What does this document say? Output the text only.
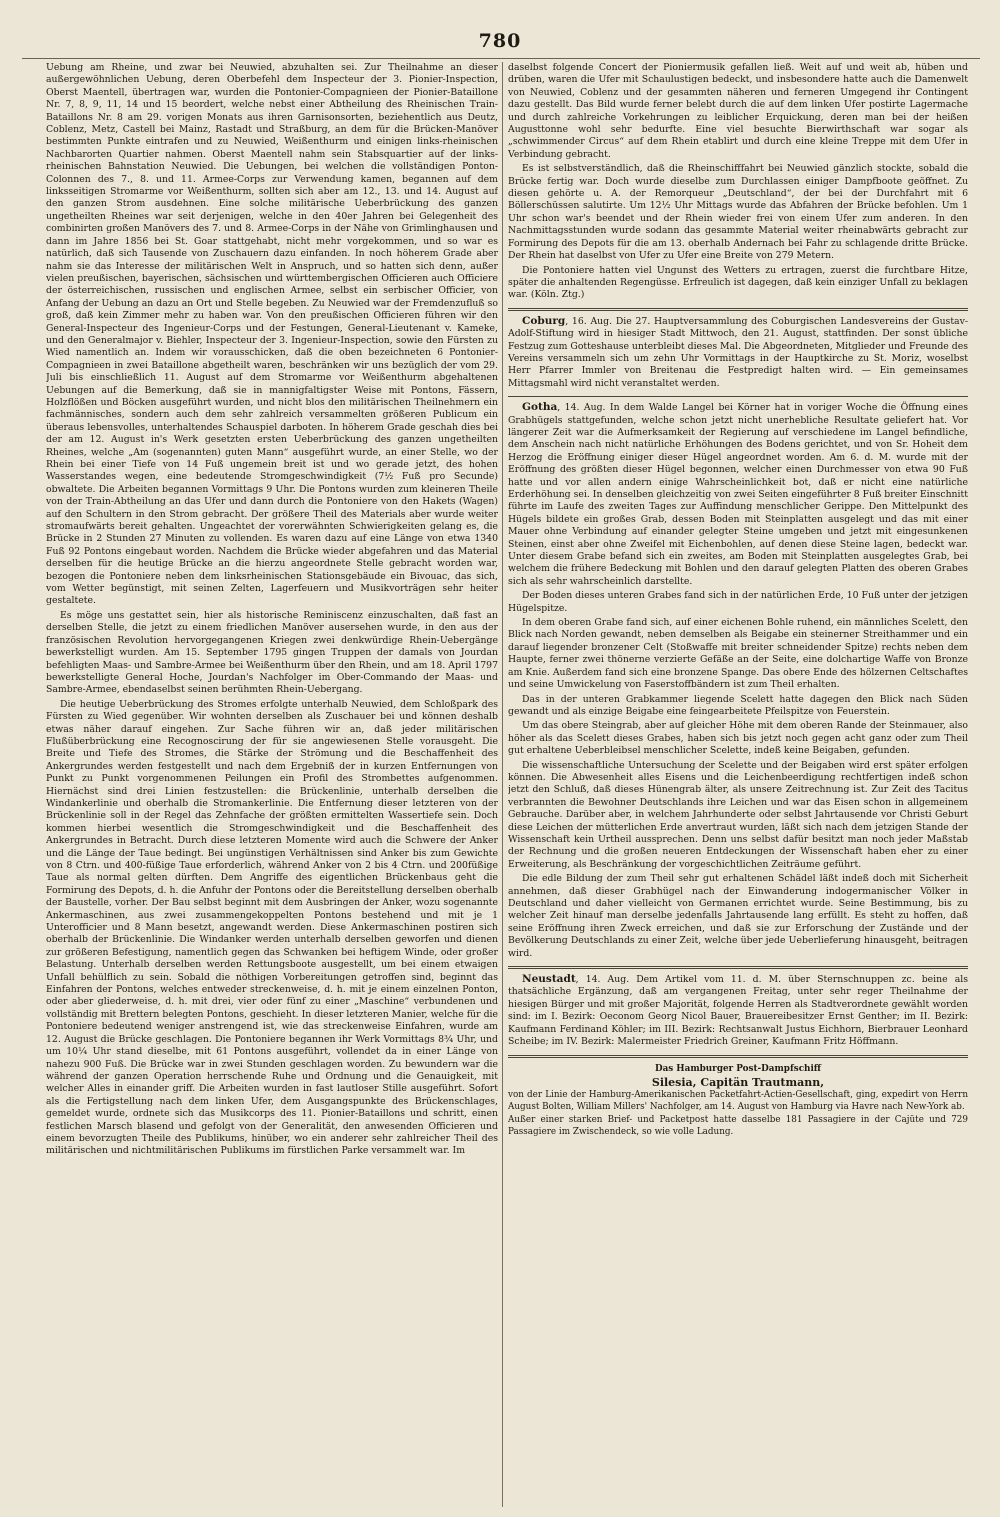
780

Uebung am Rheine, und zwar bei Neuwied, abzuhalten sei. Zur Theilnahme an dieser außergewöhnlichen Uebung, deren Oberbefehl dem Inspecteur der 3. Pionier-Inspection, Oberst Maentell, übertragen war, wurden die Pontonier-Compagnieen der Pionier-Bataillone Nr. 7, 8, 9, 11, 14 und 15 beordert, welche nebst einer Abtheilung des Rheinischen Train-Bataillons Nr. 8 am 29. vorigen Monats aus ihren Garnisonsorten, beziehentlich aus Deutz, Coblenz, Metz, Castell bei Mainz, Rastadt und Straßburg, an dem für die Brücken-Manöver bestimmten Punkte eintrafen und zu Neuwied, Weißenthurm und einigen links-rheinischen Nachbarorten Quartier nahmen. Oberst Maentell nahm sein Stabsquartier auf der links-rheinischen Bahnstation Neuwied. Die Uebungen, bei welchen die vollständigen Ponton-Colonnen des 7., 8. und 11. Armee-Corps zur Verwendung kamen, begannen auf dem linksseitigen Stromarme vor Weißenthurm, sollten sich aber am 12., 13. und 14. August auf den ganzen Strom ausdehnen. Eine solche militärische Ueberbrückung des ganzen ungetheilten Rheines war seit derjenigen, welche in den 40er Jahren bei Gelegenheit des combinirten großen Manövers des 7. und 8. Armee-Corps in der Nähe von Grimlinghausen und dann im Jahre 1856 bei St. Goar stattgehabt, nicht mehr vorgekommen, und so war es natürlich, daß sich Tausende von Zuschauern dazu einfanden. In noch höherem Grade aber nahm sie das Interesse der militärischen Welt in Anspruch, und so hatten sich denn, außer vielen preußischen, bayerischen, sächsischen und württembergischen Officieren auch Officiere der österreichischen, russischen und englischen Armee, selbst ein serbischer Officier, von Anfang der Uebung an dazu an Ort und Stelle begeben. Zu Neuwied war der Fremdenzufluß so groß, daß kein Zimmer mehr zu haben war. Von den preußischen Officieren führen wir den General-Inspecteur des Ingenieur-Corps und der Festungen, General-Lieutenant v. Kameke, und den Generalmajor v. Biehler, Inspecteur der 3. Ingenieur-Inspection, sowie den Fürsten zu Wied namentlich an. Indem wir vorausschicken, daß die oben bezeichneten 6 Pontonier-Compagnieen in zwei Bataillone abgetheilt waren, beschränken wir uns bezüglich der vom 29. Juli bis einschließlich 11. August auf dem Stromarme vor Weißenthurm abgehaltenen Uebungen auf die Bemerkung, daß sie in mannigfaltigster Weise mit Pontons, Fässern, Holzflößen und Böcken ausgeführt wurden, und nicht blos den militärischen Theilnehmern ein fachmännisches, sondern auch dem sehr zahlreich versammelten größeren Publicum ein überaus lebensvolles, unterhaltendes Schauspiel darboten. In höherem Grade geschah dies bei der am 12. August in's Werk gesetzten ersten Ueberbrückung des ganzen ungetheilten Rheines, welche „Am (sogenannten) guten Mann“ ausgeführt wurde, an einer Stelle, wo der Rhein bei einer Tiefe von 14 Fuß ungemein breit ist und wo gerade jetzt, des hohen Wasserstandes wegen, eine bedeutende Stromgeschwindigkeit (7½ Fuß pro Secunde) obwaltete. Die Arbeiten begannen Vormittags 9 Uhr. Die Pontons wurden zum kleineren Theile von der Train-Abtheilung an das Ufer und dann durch die Pontoniere von den Hakets (Wagen) auf den Schultern in den Strom gebracht. Der größere Theil des Materials aber wurde weiter stromaufwärts bereit gehalten. Ungeachtet der vorerwähnten Schwierigkeiten gelang es, die Brücke in 2 Stunden 27 Minuten zu vollenden. Es waren dazu auf eine Länge von etwa 1340 Fuß 92 Pontons eingebaut worden. Nachdem die Brücke wieder abgefahren und das Material derselben für die heutige Brücke an die hierzu angeordnete Stelle gebracht worden war, bezogen die Pontoniere neben dem linksrheinischen Stationsgebäude ein Bivouac, das sich, vom Wetter begünstigt, mit seinen Zelten, Lagerfeuern und Musikvorträgen sehr heiter gestaltete.

Es möge uns gestattet sein, hier als historische Reminiscenz einzuschalten, daß fast an derselben Stelle, die jetzt zu einem friedlichen Manöver ausersehen wurde, in den aus der französischen Revolution hervorgegangenen Kriegen zwei denkwürdige Rhein-Uebergänge bewerkstelligt wurden. Am 15. September 1795 gingen Truppen der damals von Jourdan befehligten Maas- und Sambre-Armee bei Weißenthurm über den Rhein, und am 18. April 1797 bewerkstelligte General Hoche, Jourdan's Nachfolger im Ober-Commando der Maas- und Sambre-Armee, ebendaselbst seinen berühmten Rhein-Uebergang.

Die heutige Ueberbrückung des Stromes erfolgte unterhalb Neuwied, dem Schloßpark des Fürsten zu Wied gegenüber. Wir wohnten derselben als Zuschauer bei und können deshalb etwas näher darauf eingehen. Zur Sache führen wir an, daß jeder militärischen Flußüberbrückung eine Recognoscirung der für sie angewiesenen Stelle vorausgeht. Die Breite und Tiefe des Stromes, die Stärke der Strömung und die Beschaffenheit des Ankergrundes werden festgestellt und nach dem Ergebniß der in kurzen Entfernungen von Punkt zu Punkt vorgenommenen Peilungen ein Profil des Strombettes aufgenommen. Hiernächst sind drei Linien festzustellen: die Brückenlinie, unterhalb derselben die Windankerlinie und oberhalb die Stromankerlinie. Die Entfernung dieser letzteren von der Brückenlinie soll in der Regel das Zehnfache der größten ermittelten Wassertiefe sein. Doch kommen hierbei wesentlich die Stromgeschwindigkeit und die Beschaffenheit des Ankergrundes in Betracht. Durch diese letzteren Momente wird auch die Schwere der Anker und die Länge der Taue bedingt. Bei ungünstigen Verhältnissen sind Anker bis zum Gewichte von 8 Ctrn. und 400-füßige Taue erforderlich, während Anker von 2 bis 4 Ctrn. und 200füßige Taue als normal gelten dürften. Dem Angriffe des eigentlichen Brückenbaus geht die Formirung des Depots, d. h. die Anfuhr der Pontons oder die Bereitstellung derselben oberhalb der Baustelle, vorher. Der Bau selbst beginnt mit dem Ausbringen der Anker, wozu sogenannte Ankermaschinen, aus zwei zusammengekoppelten Pontons bestehend und mit je 1 Unterofficier und 8 Mann besetzt, angewandt werden. Diese Ankermaschinen postiren sich oberhalb der Brückenlinie. Die Windanker werden unterhalb derselben geworfen und dienen zur größeren Befestigung, namentlich gegen das Schwanken bei heftigem Winde, oder großer Belastung. Unterhalb derselben werden Rettungsboote ausgestellt, um bei einem etwaigen Unfall behülflich zu sein. Sobald die nöthigen Vorbereitungen getroffen sind, beginnt das Einfahren der Pontons, welches entweder streckenweise, d. h. mit je einem einzelnen Ponton, oder aber gliederweise, d. h. mit drei, vier oder fünf zu einer „Maschine“ verbundenen und vollständig mit Brettern belegten Pontons, geschieht. In dieser letzteren Manier, welche für die Pontoniere bedeutend weniger anstrengend ist, wie das streckenweise Einfahren, wurde am 12. August die Brücke geschlagen. Die Pontoniere begannen ihr Werk Vormittags 8¾ Uhr, und um 10¼ Uhr stand dieselbe, mit 61 Pontons ausgeführt, vollendet da in einer Länge von nahezu 900 Fuß. Die Brücke war in zwei Stunden geschlagen worden. Zu bewundern war die während der ganzen Operation herrschende Ruhe und Ordnung und die Genauigkeit, mit welcher Alles in einander griff. Die Arbeiten wurden in fast lautloser Stille ausgeführt. Sofort als die Fertigstellung nach dem linken Ufer, dem Ausgangspunkte des Brückenschlages, gemeldet wurde, ordnete sich das Musikcorps des 11. Pionier-Bataillons und schritt, einen festlichen Marsch blasend und gefolgt von der Generalität, den anwesenden Officieren und einem bevorzugten Theile des Publikums, hinüber, wo ein anderer sehr zahlreicher Theil des militärischen und nichtmilitärischen Publikums im fürstlichen Parke versammelt war. Im

daselbst folgende Concert der Pioniermusik gefallen ließ. Weit auf und weit ab, hüben und drüben, waren die Ufer mit Schaulustigen bedeckt, und insbesondere hatte auch die Damenwelt von Neuwied, Coblenz und der gesammten näheren und ferneren Umgegend ihr Contingent dazu gestellt. Das Bild wurde ferner belebt durch die auf dem linken Ufer postirte Lagermache und durch zahlreiche Vorkehrungen zu leiblicher Erquickung, deren man bei der heißen Augusttonne wohl sehr bedurfte. Eine viel besuchte Bierwirthschaft war sogar als „schwimmender Circus“ auf dem Rhein etablirt und durch eine kleine Treppe mit dem Ufer in Verbindung gebracht.

Es ist selbstverständlich, daß die Rheinschifffahrt bei Neuwied gänzlich stockte, sobald die Brücke fertig war. Doch wurde dieselbe zum Durchlassen einiger Dampfboote geöffnet. Zu diesen gehörte u. A. der Remorqueur „Deutschland“, der bei der Durchfahrt mit 6 Böllerschüssen salutirte. Um 12½ Uhr Mittags wurde das Abfahren der Brücke befohlen. Um 1 Uhr schon war's beendet und der Rhein wieder frei von einem Ufer zum anderen. In den Nachmittagsstunden wurde sodann das gesammte Material weiter rheinabwärts gebracht zur Formirung des Depots für die am 13. oberhalb Andernach bei Fahr zu schlagende dritte Brücke. Der Rhein hat daselbst von Ufer zu Ufer eine Breite von 279 Metern.

Die Pontoniere hatten viel Ungunst des Wetters zu ertragen, zuerst die furchtbare Hitze, später die anhaltenden Regengüsse. Erfreulich ist dagegen, daß kein einziger Unfall zu beklagen war. (Köln. Ztg.)

Coburg, 16. Aug. Die 27. Hauptversammlung des Coburgischen Landesvereins der Gustav-Adolf-Stiftung wird in hiesiger Stadt Mittwoch, den 21. August, stattfinden. Der sonst übliche Festzug zum Gotteshause unterbleibt dieses Mal. Die Abgeordneten, Mitglieder und Freunde des Vereins versammeln sich um zehn Uhr Vormittags in der Hauptkirche zu St. Moriz, woselbst Herr Pfarrer Immler von Breitenau die Festpredigt halten wird. — Ein gemeinsames Mittagsmahl wird nicht veranstaltet werden.

Gotha, 14. Aug. In dem Walde Langel bei Körner hat in voriger Woche die Öffnung eines Grabhügels stattgefunden, welche schon jetzt nicht unerhebliche Resultate geliefert hat. Vor längerer Zeit war die Aufmerksamkeit der Regierung auf verschiedene im Langel befindliche, dem Anschein nach nicht natürliche Erhöhungen des Bodens gerichtet, und von Sr. Hoheit dem Herzog die Eröffnung einiger dieser Hügel angeordnet worden. Am 6. d. M. wurde mit der Eröffnung des größten dieser Hügel begonnen, welcher einen Durchmesser von etwa 90 Fuß hatte und vor allen andern einige Wahrscheinlichkeit bot, daß er nicht eine natürliche Erderhöhung sei. In denselben gleichzeitig von zwei Seiten eingeführter 8 Fuß breiter Einschnitt führte im Laufe des zweiten Tages zur Auffindung menschlicher Gerippe. Den Mittelpunkt des Hügels bildete ein großes Grab, dessen Boden mit Steinplatten ausgelegt und das mit einer Mauer ohne Verbindung auf einander gelegter Steine umgeben und jetzt mit eingesunkenen Steinen, einst aber ohne Zweifel mit Eichenbohlen, auf denen diese Steine lagen, bedeckt war. Unter diesem Grabe befand sich ein zweites, am Boden mit Steinplatten ausgelegtes Grab, bei welchem die frühere Bedeckung mit Bohlen und den darauf gelegten Platten des oberen Grabes sich als sehr wahrscheinlich darstellte.

Der Boden dieses unteren Grabes fand sich in der natürlichen Erde, 10 Fuß unter der jetzigen Hügelspitze.

In dem oberen Grabe fand sich, auf einer eichenen Bohle ruhend, ein männliches Scelett, den Blick nach Norden gewandt, neben demselben als Beigabe ein steinerner Streithammer und ein darauf liegender bronzener Celt (Stoßwaffe mit breiter schneidender Spitze) rechts neben dem Haupte, ferner zwei thönerne verzierte Gefäße an der Seite, eine dolchartige Waffe von Bronze am Knie. Außerdem fand sich eine bronzene Spange. Das obere Ende des hölzernen Celtschaftes und seine Umwickelung von Faserstoffbändern ist zum Theil erhalten.

Das in der unteren Grabkammer liegende Scelett hatte dagegen den Blick nach Süden gewandt und als einzige Beigabe eine feingearbeitete Pfeilspitze von Feuerstein.

Um das obere Steingrab, aber auf gleicher Höhe mit dem oberen Rande der Steinmauer, also höher als das Scelett dieses Grabes, haben sich bis jetzt noch gegen acht ganz oder zum Theil gut erhaltene Ueberbleibsel menschlicher Scelette, indeß keine Beigaben, gefunden.

Die wissenschaftliche Untersuchung der Scelette und der Beigaben wird erst später erfolgen können. Die Abwesenheit alles Eisens und die Leichenbeerdigung rechtfertigen indeß schon jetzt den Schluß, daß dieses Hünengrab älter, als unsere Zeitrechnung ist. Zur Zeit des Tacitus verbrannten die Bewohner Deutschlands ihre Leichen und war das Eisen schon in allgemeinem Gebrauche. Darüber aber, in welchem Jahrhunderte oder selbst Jahrtausende vor Christi Geburt diese Leichen der mütterlichen Erde anvertraut wurden, läßt sich nach dem jetzigen Stande der Wissenschaft kein Urtheil aussprechen. Denn uns selbst dafür besitzt man noch jeder Maßstab der Rechnung und die großen neueren Entdeckungen der Wissenschaft haben eher zu einer Erweiterung, als Beschränkung der vorgeschichtlichen Zeiträume geführt.

Die edle Bildung der zum Theil sehr gut erhaltenen Schädel läßt indeß doch mit Sicherheit annehmen, daß dieser Grabhügel nach der Einwanderung indogermanischer Völker in Deutschland und daher vielleicht von Germanen errichtet wurde. Seine Bestimmung, bis zu welcher Zeit hinauf man derselbe jedenfalls Jahrtausende lang erfüllt. Es steht zu hoffen, daß seine Eröffnung ihren Zweck erreichen, und daß sie zur Erforschung der Zustände und der Bevölkerung Deutschlands zu einer Zeit, welche über jede Ueberlieferung hinausgeht, beitragen wird.

Neustadt, 14. Aug. Dem Artikel vom 11. d. M. über Sternschnuppen zc. beine als thatsächliche Ergänzung, daß am vergangenen Freitag, unter sehr reger Theilnahme der hiesigen Bürger und mit großer Majorität, folgende Herren als Stadtverordnete gewählt worden sind: im I. Bezirk: Oeconom Georg Nicol Bauer, Brauereibesitzer Ernst Genther; im II. Bezirk: Kaufmann Ferdinand Köhler; im III. Bezirk: Rechtsanwalt Justus Eichhorn, Bierbrauer Leonhard Scheibe; im IV. Bezirk: Malermeister Friedrich Greiner, Kaufmann Fritz Höffmann.

Das Hamburger Post-Dampfschiff
Silesia, Capitän Trautmann,

von der Linie der Hamburg-Amerikanischen Packetfahrt-Actien-Gesellschaft, ging, expedirt von Herrn August Bolten, William Millers' Nachfolger, am 14. August von Hamburg via Havre nach New-York ab.

Außer einer starken Brief- und Packetpost hatte dasselbe 181 Passagiere in der Cajüte und 729 Passagiere im Zwischendeck, so wie volle Ladung.
